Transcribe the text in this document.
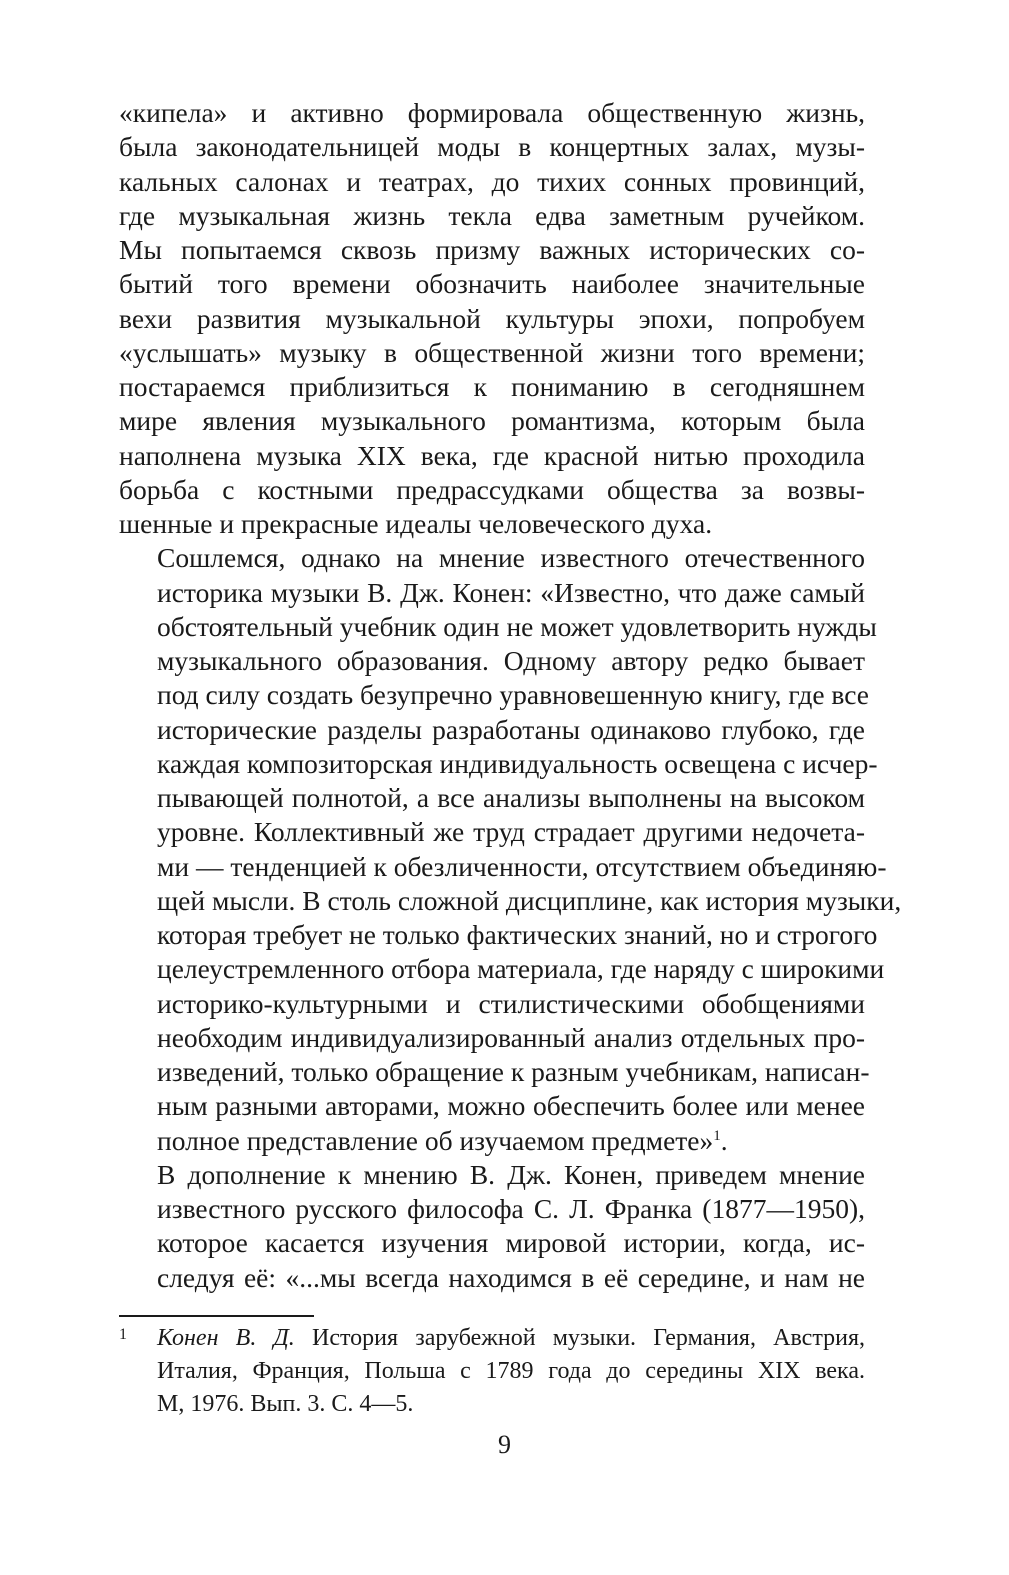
«кипела» и активно формировала общественную жизнь,
была законодательницей моды в концертных залах, музы-
кальных салонах и театрах, до тихих сонных провинций,
где музыкальная жизнь текла едва заметным ручейком.
Мы попытаемся сквозь призму важных исторических со-
бытий того времени обозначить наиболее значительные
вехи развития музыкальной культуры эпохи, попробуем
«услышать» музыку в общественной жизни того времени;
постараемся приблизиться к пониманию в сегодняшнем
мире явления музыкального романтизма, которым была
наполнена музыка XIX века, где красной нитью проходила
борьба с костными предрассудками общества за возвы-
шенные и прекрасные идеалы человеческого духа.

Сошлемся, однако на мнение известного отечественного
историка музыки В. Дж. Конен: «Известно, что даже самый
обстоятельный учебник один не может удовлетворить нужды
музыкального образования. Одному автору редко бывает
под силу создать безупречно уравновешенную книгу, где все
исторические разделы разработаны одинаково глубоко, где
каждая композиторская индивидуальность освещена с исчер-
пывающей полнотой, а все анализы выполнены на высоком
уровне. Коллективный же труд страдает другими недочета-
ми — тенденцией к обезличенности, отсутствием объединяю-
щей мысли. В столь сложной дисциплине, как история музыки,
которая требует не только фактических знаний, но и строгого
целеустремленного отбора материала, где наряду с широкими
историко-культурными и стилистическими обобщениями
необходим индивидуализированный анализ отдельных про-
изведений, только обращение к разным учебникам, написан-
ным разными авторами, можно обеспечить более или менее
полное представление об изучаемом предмете»$^1$.

В дополнение к мнению В. Дж. Конен, приведем мнение
известного русского философа С. Л. Франка (1877—1950),
которое касается изучения мировой истории, когда, ис-
следуя её: «...мы всегда находимся в её середине, и нам не

1 Конен В. Д. История зарубежной музыки. Германия, Австрия,
Италия, Франция, Польша с 1789 года до середины XIX века.
М, 1976. Вып. 3. С. 4—5.
9
